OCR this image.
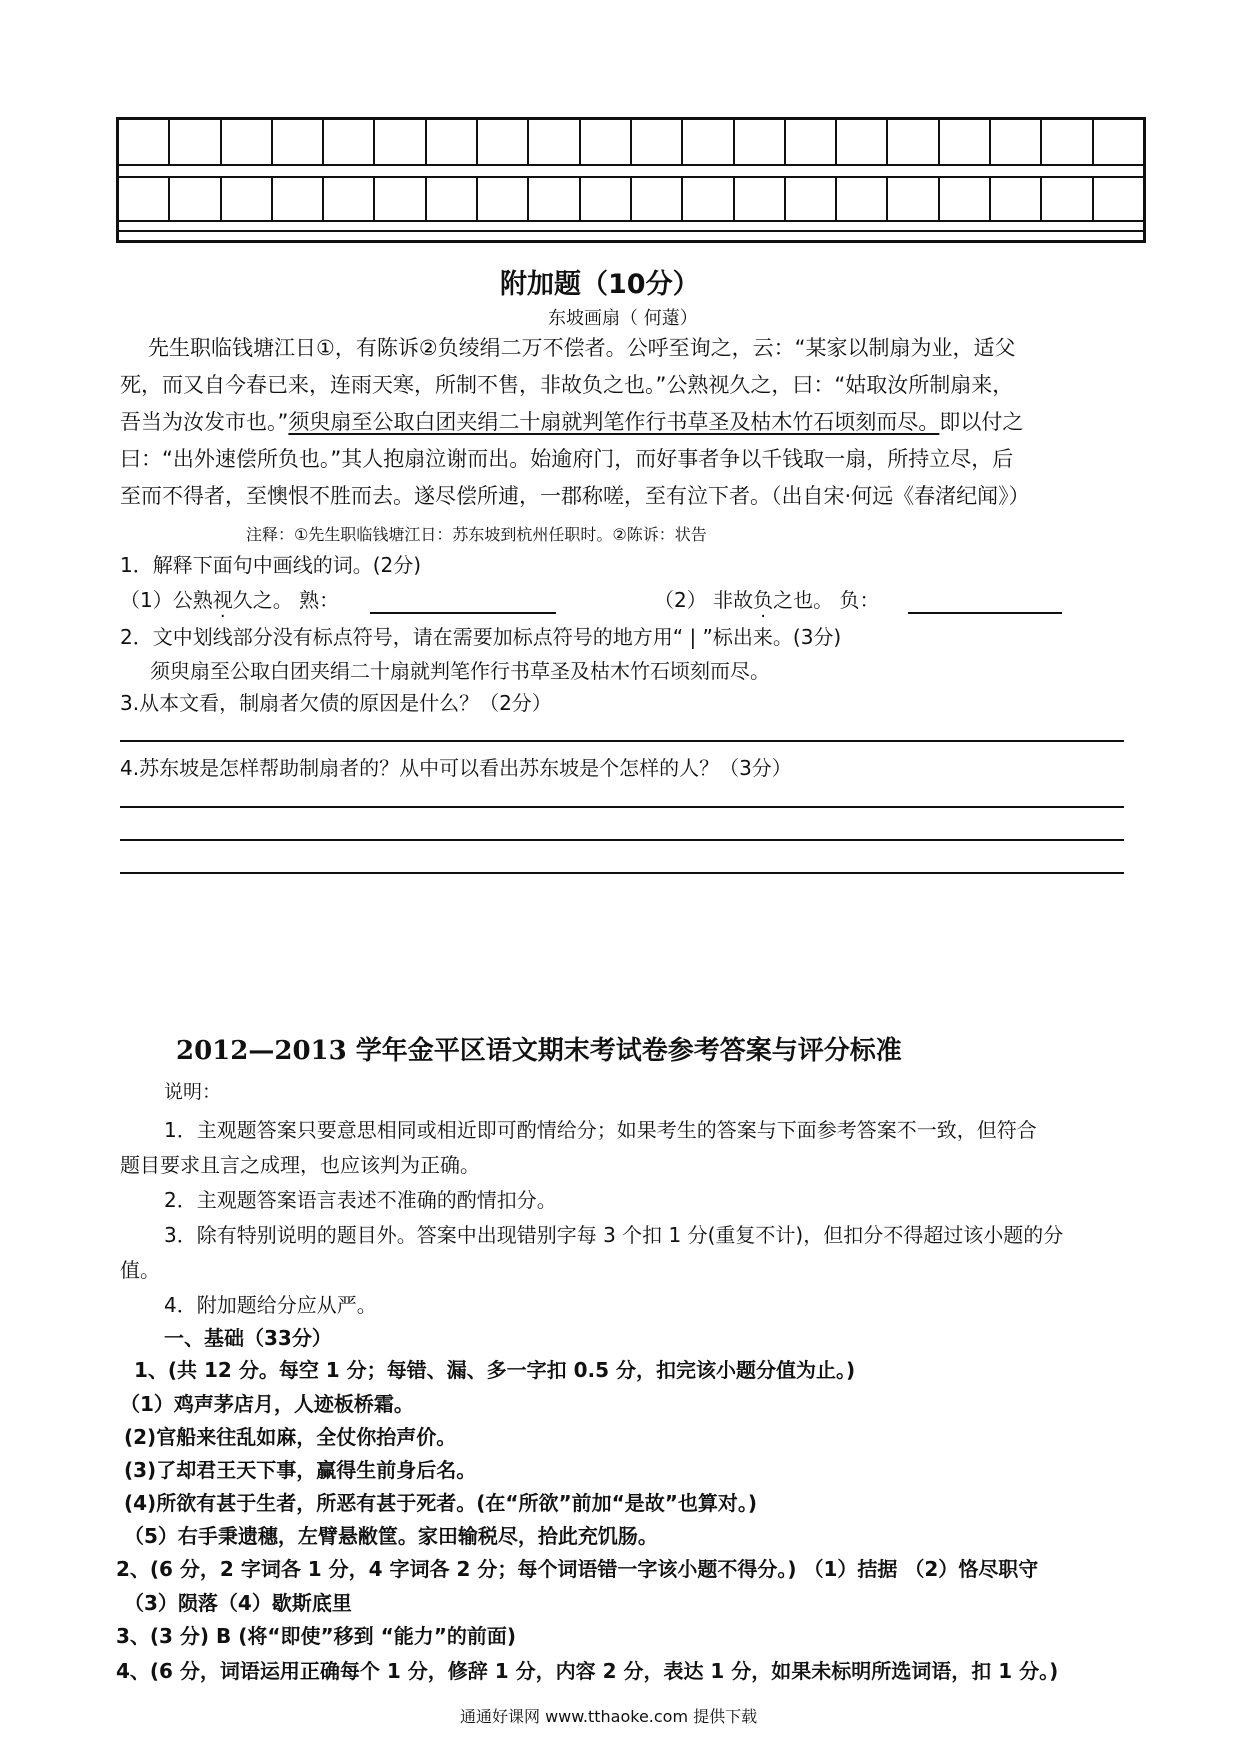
附加题（10分）
东坡画扇（ 何薳）
先生职临钱塘江日①，有陈诉②负绫绢二万不偿者。公呼至询之，云：“某家以制扇为业，适父
死，而又自今春已来，连雨天寒，所制不售，非故负之也。”公熟视久之，曰：“姑取汝所制扇来，
吾当为汝发市也。”须臾扇至公取白团夹绢二十扇就判笔作行书草圣及枯木竹石顷刻而尽。即以付之
曰：“出外速偿所负也。”其人抱扇泣谢而出。始逾府门，而好事者争以千钱取一扇，所持立尽，后
至而不得者，至懊恨不胜而去。遂尽偿所逋，一郡称嗟，至有泣下者。（出自宋·何远《春渚纪闻》）
注释：①先生职临钱塘江日：苏东坡到杭州任职时。②陈诉：状告
1．解释下面句中画线的词。(2分)
（1）公熟视久之。 熟：	（2） 非故负之也。 负：
2．文中划线部分没有标点符号，请在需要加标点符号的地方用“ | ”标出来。(3分)
须臾扇至公取白团夹绢二十扇就判笔作行书草圣及枯木竹石顷刻而尽。
3.从本文看，制扇者欠债的原因是什么？（2分）
4.苏东坡是怎样帮助制扇者的？从中可以看出苏东坡是个怎样的人？（3分）
2012—2013 学年金平区语文期末考试卷参考答案与评分标准
说明：
1．主观题答案只要意思相同或相近即可酌情给分；如果考生的答案与下面参考答案不一致，但符合
题目要求且言之成理，也应该判为正确。
2．主观题答案语言表述不准确的酌情扣分。
3．除有特别说明的题目外。答案中出现错别字每 3 个扣 1 分(重复不计)，但扣分不得超过该小题的分
值。
4．附加题给分应从严。
一、基础（33分）
1、(共 12 分。每空 1 分；每错、漏、多一字扣 0.5 分，扣完该小题分值为止。)
（1）鸡声茅店月，人迹板桥霜。
(2)官船来往乱如麻，全仗你抬声价。
(3)了却君王天下事，赢得生前身后名。
(4)所欲有甚于生者，所恶有甚于死者。(在“所欲”前加“是故”也算对。)
（5）右手秉遗穗，左臂悬敝筐。家田输税尽，拾此充饥肠。
2、(6 分，2 字词各 1 分，4 字词各 2 分；每个词语错一字该小题不得分。) （1）拮据 （2）恪尽职守
（3）陨落（4）歇斯底里
3、(3 分) B (将“即使”移到 “能力”的前面)
4、(6 分，词语运用正确每个 1 分，修辞 1 分，内容 2 分，表达 1 分，如果未标明所选词语，扣 1 分。)
通通好课网 www.tthaoke.com 提供下载
